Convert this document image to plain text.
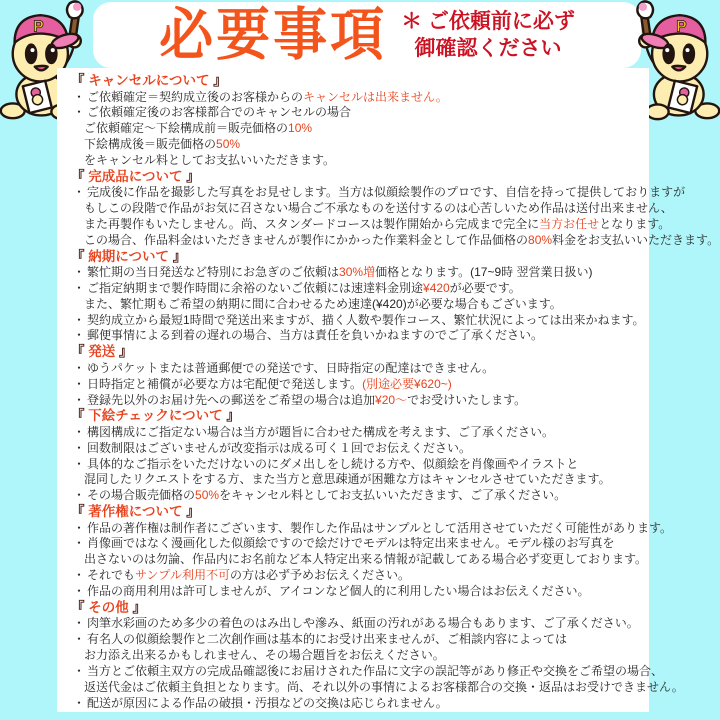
必要事項 ＊ ご依頼前に必ず
御確認ください
P	P
『 キャンセルについて 』
・ ご依頼確定＝契約成立後のお客様からのキャンセルは出来ません。
・ ご依頼確定後のお客様都合でのキャンセルの場合
ご依頼確定～下絵構成前＝販売価格の10%
下絵構成後＝販売価格の50%
をキャンセル料としてお支払いいただきます。
『 完成品について 』
・ 完成後に作品を撮影した写真をお見せします。当方は似顔絵製作のプロです、自信を持って提供しておりますが
もしこの段階で作品がお気に召さない場合ご不承なものを送付するのは心苦しいため作品は送付出来ません、
また再製作もいたしません。尚、スタンダードコースは製作開始から完成まで完全に当方お任せとなります。
この場合、作品料金はいただきませんが製作にかかった作業料金として作品価格の80%料金をお支払いいただきます。
『 納期について 』
・ 繁忙期の当日発送など特別にお急ぎのご依頼は30%増価格となります。(17~9時 翌営業日扱い)
・ ご指定納期まで製作時間に余裕のないご依頼には速達料金別途¥420が必要です。
また、繁忙期もご希望の納期に間に合わせるため速達(¥420)が必要な場合もございます。
・ 契約成立から最短1時間で発送出来ますが、描く人数や製作コース、繁忙状況によっては出来かねます。
・ 郵便事情による到着の遅れの場合、当方は責任を負いかねますのでご了承ください。
『 発送 』
・ ゆうパケットまたは普通郵便での発送です、日時指定の配達はできません。
・ 日時指定と補償が必要な方は宅配便で発送します。(別途必要¥620~)
・ 登録先以外のお届け先への郵送をご希望の場合は追加¥20～でお受けいたします。
『 下絵チェックについて 』
・ 構図構成にご指定ない場合は当方が題旨に合わせた構成を考えます、ご了承ください。
・ 回数制限はございませんが改変指示は成る可く１回でお伝えください。
・ 具体的なご指示をいただけないのにダメ出しをし続ける方や、似顔絵を肖像画やイラストと
混同したリクエストをする方、また当方と意思疎通が困難な方はキャンセルさせていただきます。
・ その場合販売価格の50%をキャンセル料としてお支払いいただきます、ご了承ください。
『 著作権について 』
・ 作品の著作権は制作者にございます、製作した作品はサンプルとして活用させていただく可能性があります。
・ 肖像画ではなく漫画化した似顔絵ですので絵だけでモデルは特定出来ません。モデル様のお写真を
出さないのは勿論、作品内にお名前など本人特定出来る情報が記載してある場合必ず変更しております。
・ それでもサンプル利用不可の方は必ず予めお伝えください。
・ 作品の商用利用は許可しませんが、アイコンなど個人的に利用したい場合はお伝えください。
『 その他 』
・ 肉筆水彩画のため多少の着色のはみ出しや滲み、紙面の汚れがある場合もあります、ご了承ください。
・ 有名人の似顔絵製作と二次創作画は基本的にお受け出来ませんが、ご相談内容によっては
お力添え出来るかもしれません、その場合題旨をお伝えください。
・ 当方とご依頼主双方の完成品確認後にお届けされた作品に文字の誤記等があり修正や交換をご希望の場合、
返送代金はご依頼主負担となります。尚、それ以外の事情によるお客様都合の交換・返品はお受けできません。
・ 配送が原因による作品の破損・汚損などの交換は応じられません。
